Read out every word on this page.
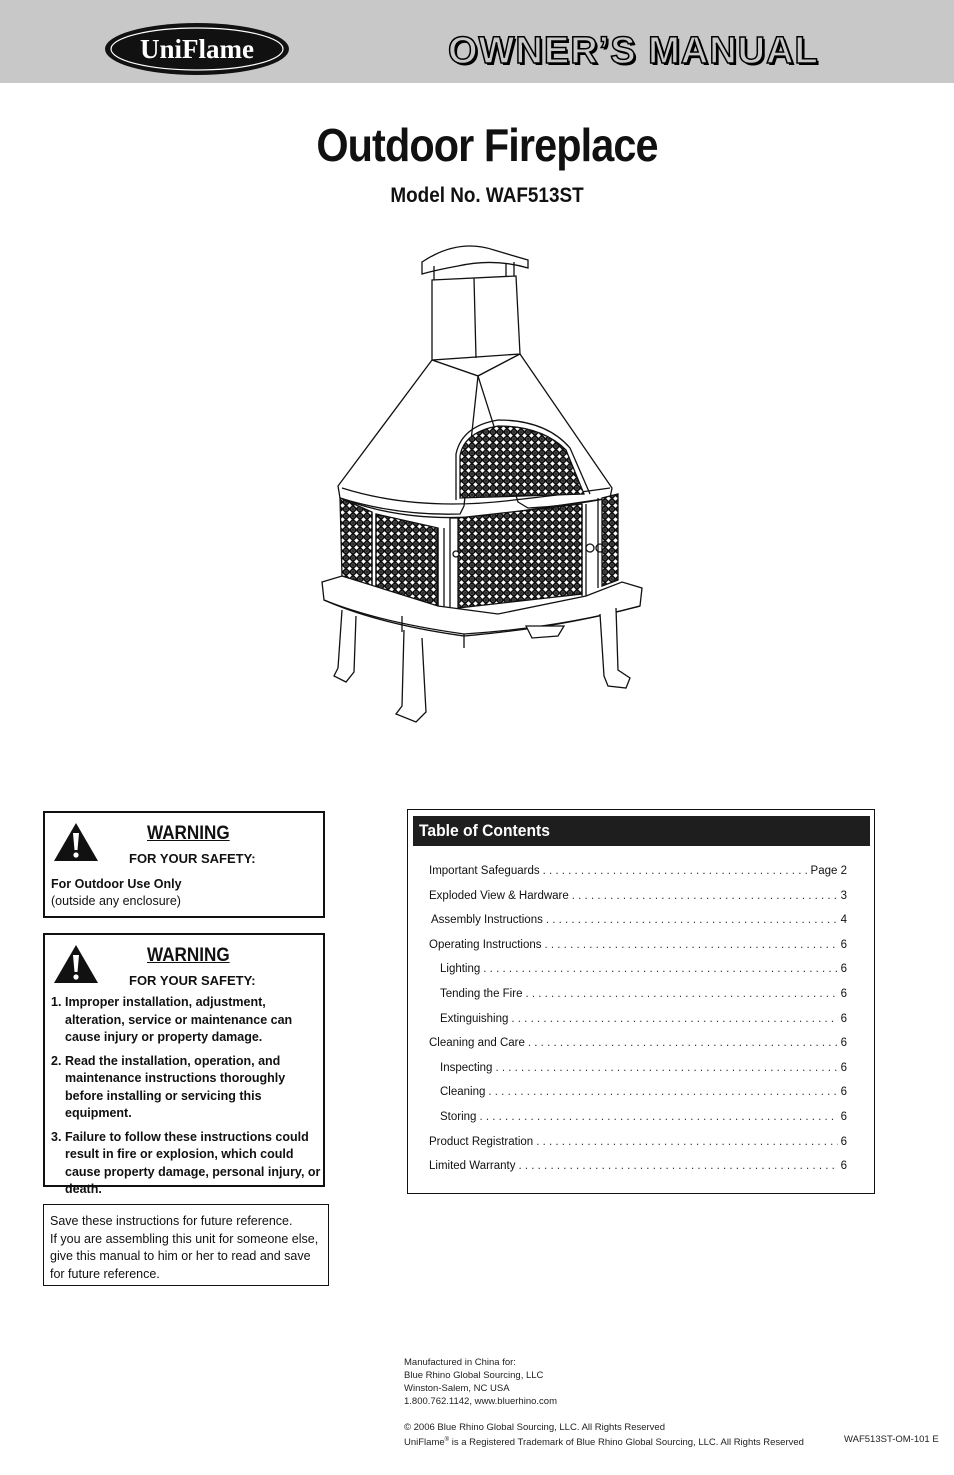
UniFlame	OWNER’S MANUAL
Outdoor Fireplace
Model No. WAF513ST
WARNING
FOR YOUR SAFETY:
For Outdoor Use Only
(outside any enclosure)
WARNING
FOR YOUR SAFETY:
1. Improper installation, adjustment, alteration, service or maintenance can cause injury or property damage.
2. Read the installation, operation, and maintenance instructions thoroughly before installing or servicing this equipment.
3. Failure to follow these instructions could result in fire or explosion, which could cause property damage, personal injury, or death.
Save these instructions for future reference.
If you are assembling this unit for someone else, give this manual to him or her to read and save for future reference.
Table of Contents
Important Safeguards . . .	Page 2
Exploded View & Hardware . . .	3
Assembly Instructions . . .	4
Operating Instructions . . .	6
Lighting . . .	6
Tending the Fire . . .	6
Extinguishing . . .	6
Cleaning and Care . . .	6
Inspecting . . .	6
Cleaning . . .	6
Storing . . .	6
Product Registration . . .	6
Limited Warranty . . .	6
Manufactured in China for:
Blue Rhino Global Sourcing, LLC
Winston-Salem, NC USA
1.800.762.1142, www.bluerhino.com
© 2006 Blue Rhino Global Sourcing, LLC. All Rights Reserved
UniFlame® is a Registered Trademark of Blue Rhino Global Sourcing, LLC. All Rights Reserved	WAF513ST-OM-101 E
